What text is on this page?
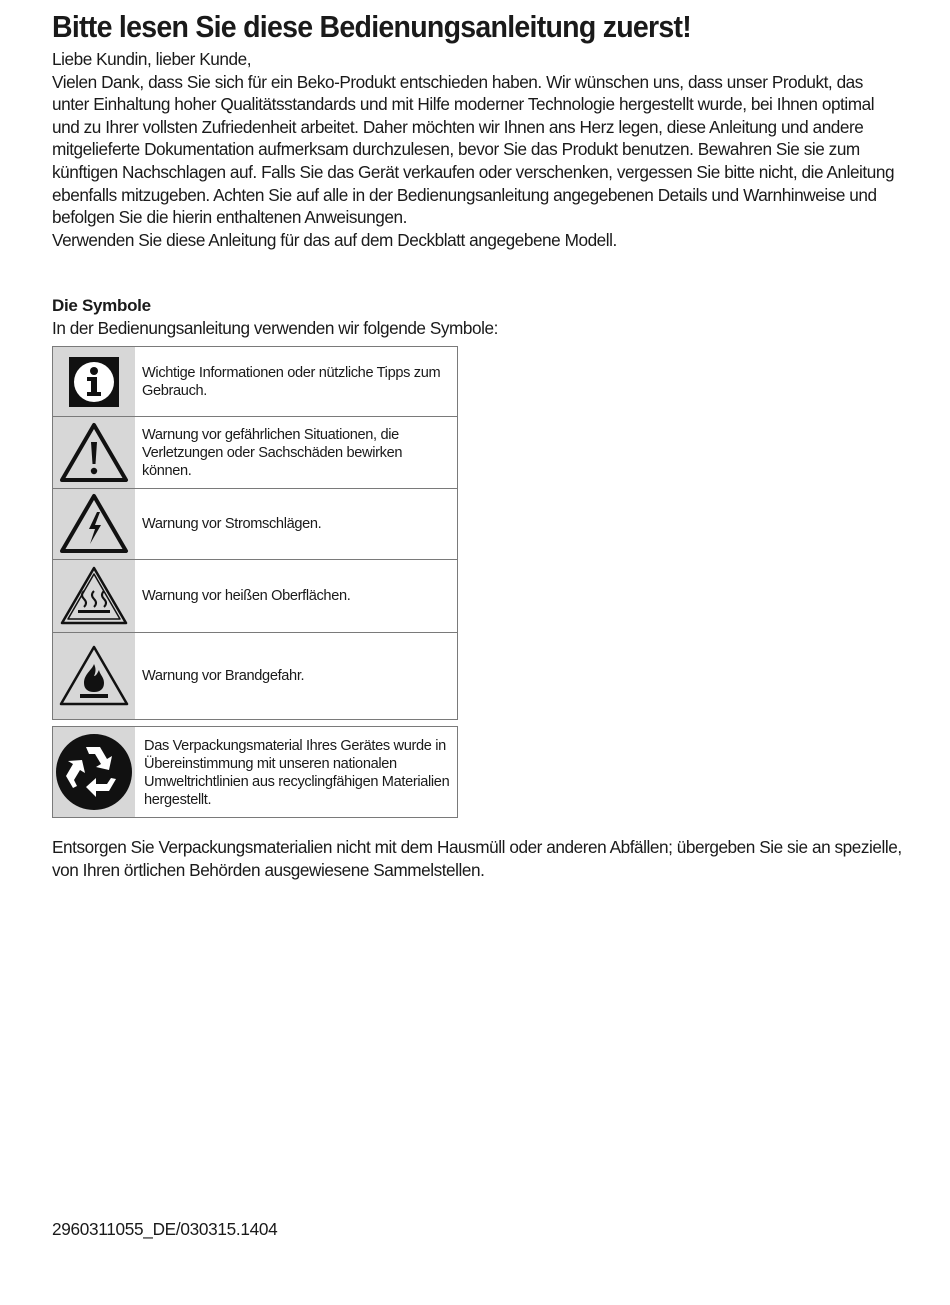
Bitte lesen Sie diese Bedienungsanleitung zuerst!

Liebe Kundin, lieber Kunde,

Vielen Dank, dass Sie sich für ein Beko-Produkt entschieden haben. Wir wünschen uns, dass unser Produkt, das unter Einhaltung hoher Qualitätsstandards und mit Hilfe moderner Technologie hergestellt wurde, bei Ihnen optimal und zu Ihrer vollsten Zufriedenheit arbeitet. Daher möchten wir Ihnen ans Herz legen, diese Anleitung und andere mitgelieferte Dokumentation aufmerksam durchzulesen, bevor Sie das Produkt benutzen. Bewahren Sie sie zum künftigen Nachschlagen auf. Falls Sie das Gerät verkaufen oder verschenken, vergessen Sie bitte nicht, die Anleitung ebenfalls mitzugeben. Achten Sie auf alle in der Bedienungsanleitung angegebenen Details und Warnhinweise und befolgen Sie die hierin enthaltenen Anweisungen.

Verwenden Sie diese Anleitung für das auf dem Deckblatt angegebene Modell.

Die Symbole
In der Bedienungsanleitung verwenden wir folgende Symbole:
Wichtige Informationen oder nützliche Tipps zum Gebrauch.
Warnung vor gefährlichen Situationen, die Verletzungen oder Sachschäden bewirken können.
Warnung vor Stromschlägen.
Warnung vor heißen Oberflächen.
Warnung vor Brandgefahr.
Das Verpackungsmaterial Ihres Gerätes wurde in Übereinstimmung mit unseren nationalen Umweltrichtlinien aus recyclingfähigen Materialien hergestellt.

Entsorgen Sie Verpackungsmaterialien nicht mit dem Hausmüll oder anderen Abfällen; übergeben Sie sie an spezielle, von Ihren örtlichen Behörden ausgewiesene Sammelstellen.

2960311055_DE/030315.1404
